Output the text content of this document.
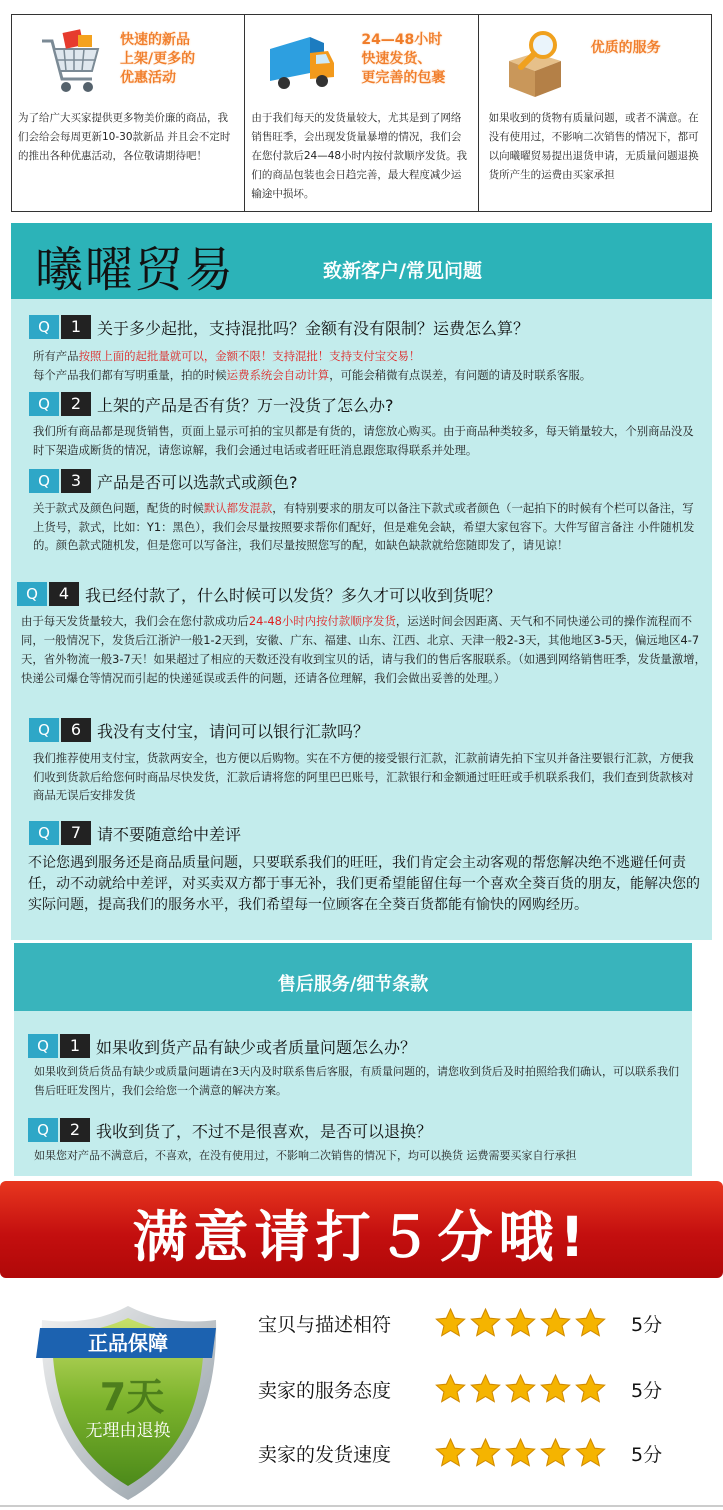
快速的新品
上架/更多的
优惠活动
为了给广大买家提供更多物美价廉的商品，我们会给会每周更新10-30款新品 并且会不定时的推出各种优惠活动，各位敬请期待吧！
24—48小时
快速发货、
更完善的包裹
由于我们每天的发货量较大，尤其是到了网络销售旺季，会出现发货量暴增的情况，我们会在您付款后24—48小时内按付款顺序发货。我们的商品包装也会日趋完善，最大程度减少运输途中损坏。
优质的服务
如果收到的货物有质量问题，或者不满意。在没有使用过，不影响二次销售的情况下，都可以向曦曜贸易提出退货申请，无质量问题退换货所产生的运费由买家承担
曦曜贸易	致新客户/常见问题
Q	1 关于多少起批，支持混批吗？金额有没有限制？运费怎么算？
所有产品按照上面的起批量就可以，金额不限！支持混批！支持支付宝交易！
每个产品我们都有写明重量，拍的时候运费系统会自动计算，可能会稍微有点误差，有问题的请及时联系客服。
Q	2 上架的产品是否有货？万一没货了怎么办?
我们所有商品都是现货销售，页面上显示可拍的宝贝都是有货的，请您放心购买。由于商品种类较多，每天销量较大，个别商品没及时下架造成断货的情况，请您谅解，我们会通过电话或者旺旺消息跟您取得联系并处理。
Q	3 产品是否可以选款式或颜色?
关于款式及颜色问题，配货的时候默认都发混款，有特别要求的朋友可以备注下款式或者颜色（一起拍下的时候有个栏可以备注，写上货号，款式，比如：Y1：黑色），我们会尽量按照要求帮你们配好，但是难免会缺，希望大家包容下。大件写留言备注 小件随机发的。颜色款式随机发，但是您可以写备注，我们尽量按照您写的配，如缺色缺款就给您随即发了，请见谅！
Q	4 我已经付款了，什么时候可以发货？多久才可以收到货呢？
由于每天发货量较大，我们会在您付款成功后24-48小时内按付款顺序发货，运送时间会因距离、天气和不同快递公司的操作流程而不同，一般情况下，发货后江浙沪一般1-2天到，安徽、广东、福建、山东、江西、北京、天津一般2-3天，其他地区3-5天，偏远地区4-7天，省外物流一般3-7天！如果超过了相应的天数还没有收到宝贝的话，请与我们的售后客服联系。（如遇到网络销售旺季，发货量激增，快递公司爆仓等情况而引起的快递延误或丢件的问题，还请各位理解，我们会做出妥善的处理。）
Q	6 我没有支付宝，请问可以银行汇款吗？
我们推荐使用支付宝，货款两安全，也方便以后购物。实在不方便的接受银行汇款，汇款前请先拍下宝贝并备注要银行汇款，方便我们收到货款后给您何时商品尽快发货，汇款后请将您的阿里巴巴账号，汇款银行和金额通过旺旺或手机联系我们，我们查到货款核对商品无误后安排发货
Q	7 请不要随意给中差评
不论您遇到服务还是商品质量问题，只要联系我们的旺旺，我们肯定会主动客观的帮您解决绝不逃避任何责任，动不动就给中差评，对买卖双方都于事无补，我们更希望能留住每一个喜欢全葵百货的朋友，能解决您的实际问题，提高我们的服务水平，我们希望每一位顾客在全葵百货都能有愉快的网购经历。
售后服务/细节条款
Q	1 如果收到货产品有缺少或者质量问题怎么办？
如果收到货后货品有缺少或质量问题请在3天内及时联系售后客服，有质量问题的，请您收到货后及时拍照给我们确认，可以联系我们售后旺旺发图片，我们会给您一个满意的解决方案。
Q	2 我收到货了，不过不是很喜欢，是否可以退换？
如果您对产品不满意后，不喜欢，在没有使用过，不影响二次销售的情况下，均可以换货 运费需要买家自行承担
满意请打５分哦!
正品保障
7天
无理由退换
宝贝与描述相符	5分
卖家的服务态度	5分
卖家的发货速度	5分
